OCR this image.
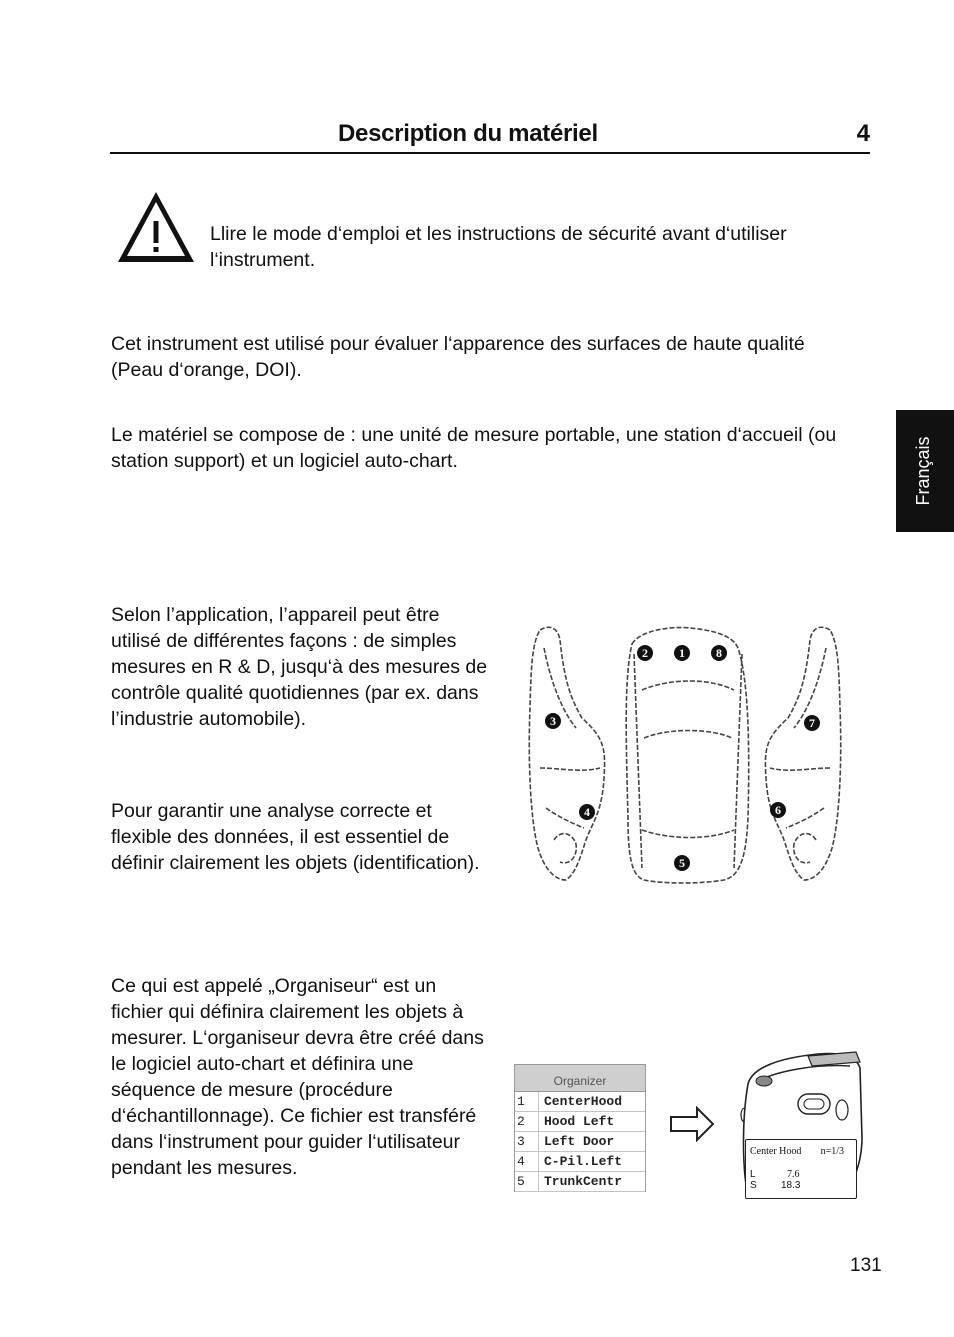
Description du matériel	4
Llire le mode d‘emploi et les instructions de sécurité avant d‘utiliser l‘instrument.
Cet instrument est utilisé pour évaluer l‘apparence des surfaces de haute qualité (Peau d‘orange, DOI).
Le matériel se compose de : une unité de mesure portable, une station d‘accueil (ou station support) et un logiciel auto-chart.	Français
Selon l’application, l’appareil peut être utilisé de différentes façons : de simples mesures en R & D, jusqu‘à des mesures de contrôle qualité quotidiennes (par ex. dans l’industrie automobile).
Pour garantir une analyse correcte et flexible des données, il est essentiel de définir clairement les objets (identification).
1
2
3
4
5
6
7
8
Ce qui est appelé „Organiseur“ est un fichier qui définira clairement les objets à mesurer. L‘organiseur devra être créé dans le logiciel auto-chart et définira une séquence de mesure (procédure d‘échantillonnage). Ce fichier est transféré dans l‘instrument pour guider l‘utilisateur pendant les mesures.
Organizer
1	CenterHood
2	Hood Left
3	Left Door
4	C-Pil.Left
5	TrunkCentr
Center Hood n=1/3
L	7.6
S 18.3
131
